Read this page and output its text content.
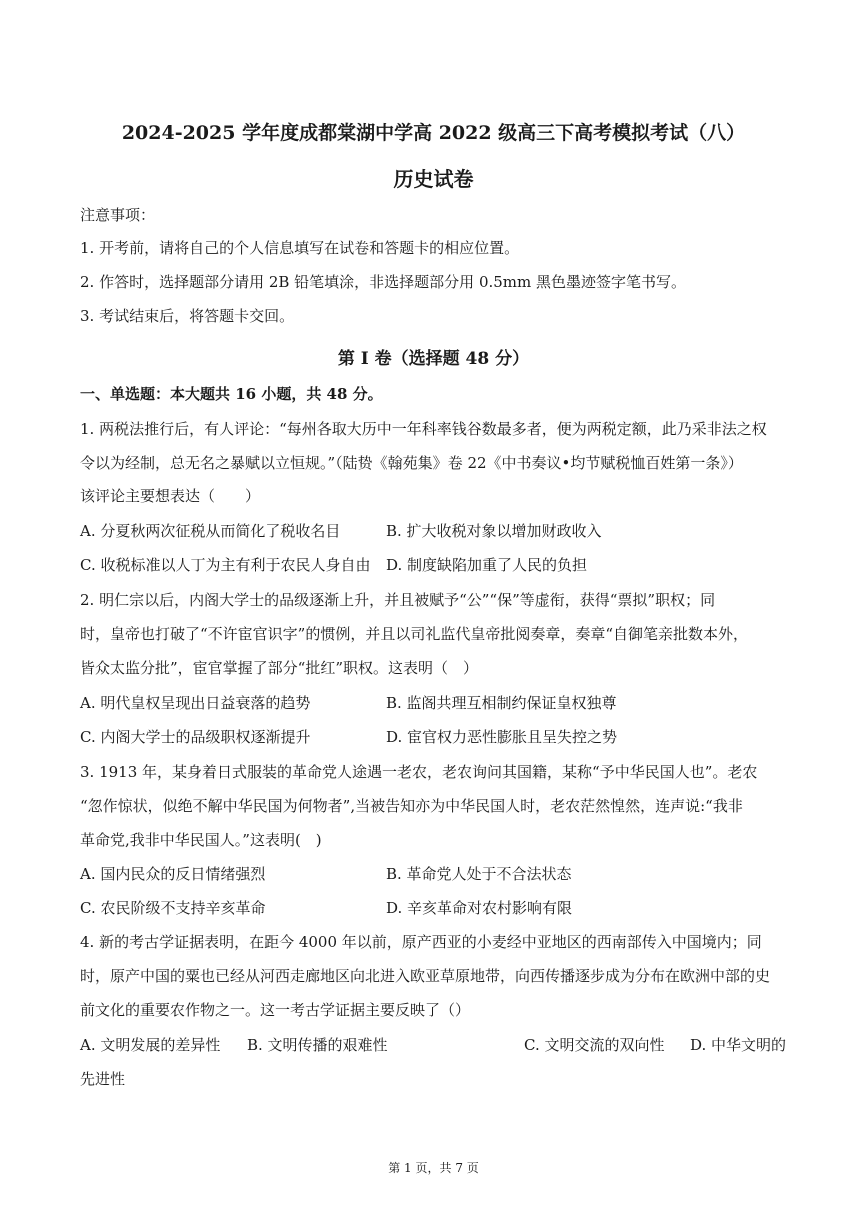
2024-2025 学年度成都棠湖中学高 2022 级高三下高考模拟考试（八）
历史试卷
注意事项：
1. 开考前，请将自己的个人信息填写在试卷和答题卡的相应位置。
2. 作答时，选择题部分请用 2B 铅笔填涂，非选择题部分用 0.5mm 黑色墨迹签字笔书写。
3. 考试结束后，将答题卡交回。
第 I 卷（选择题 48 分）
一、单选题：本大题共 16 小题，共 48 分。
1. 两税法推行后，有人评论：“每州各取大历中一年科率钱谷数最多者，便为两税定额，此乃采非法之权
令以为经制，总无名之暴赋以立恒规。”（陆贽《翰苑集》卷 22《中书奏议•均节赋税恤百姓第一条》）
该评论主要想表达（　　）
A. 分夏秋两次征税从而简化了税收名目	B. 扩大收税对象以增加财政收入
C. 收税标准以人丁为主有利于农民人身自由 D. 制度缺陷加重了人民的负担
2. 明仁宗以后，内阁大学士的品级逐渐上升，并且被赋予“公”“保”等虚衔，获得“票拟”职权；同
时，皇帝也打破了“不许宦官识字”的惯例，并且以司礼监代皇帝批阅奏章，奏章“自御笔亲批数本外，
皆众太监分批”，宦官掌握了部分“批红”职权。这表明（　）
A. 明代皇权呈现出日益衰落的趋势	B. 监阁共理互相制约保证皇权独尊
C. 内阁大学士的品级职权逐渐提升	D. 宦官权力恶性膨胀且呈失控之势
3. 1913 年，某身着日式服装的革命党人途遇一老农，老农询问其国籍，某称“予中华民国人也”。老农
“忽作惊状，似绝不解中华民国为何物者”,当被告知亦为中华民国人时，老农茫然惶然，连声说:“我非
革命党,我非中华民国人。”这表明(　)
A. 国内民众的反日情绪强烈	B. 革命党人处于不合法状态
C. 农民阶级不支持辛亥革命	D. 辛亥革命对农村影响有限
4. 新的考古学证据表明，在距今 4000 年以前，原产西亚的小麦经中亚地区的西南部传入中国境内；同
时，原产中国的粟也已经从河西走廊地区向北进入欧亚草原地带，向西传播逐步成为分布在欧洲中部的史
前文化的重要农作物之一。这一考古学证据主要反映了（）
A. 文明发展的差异性 B. 文明传播的艰难性	C. 文明交流的双向性 D. 中华文明的
先进性
第 1 页，共 7 页
